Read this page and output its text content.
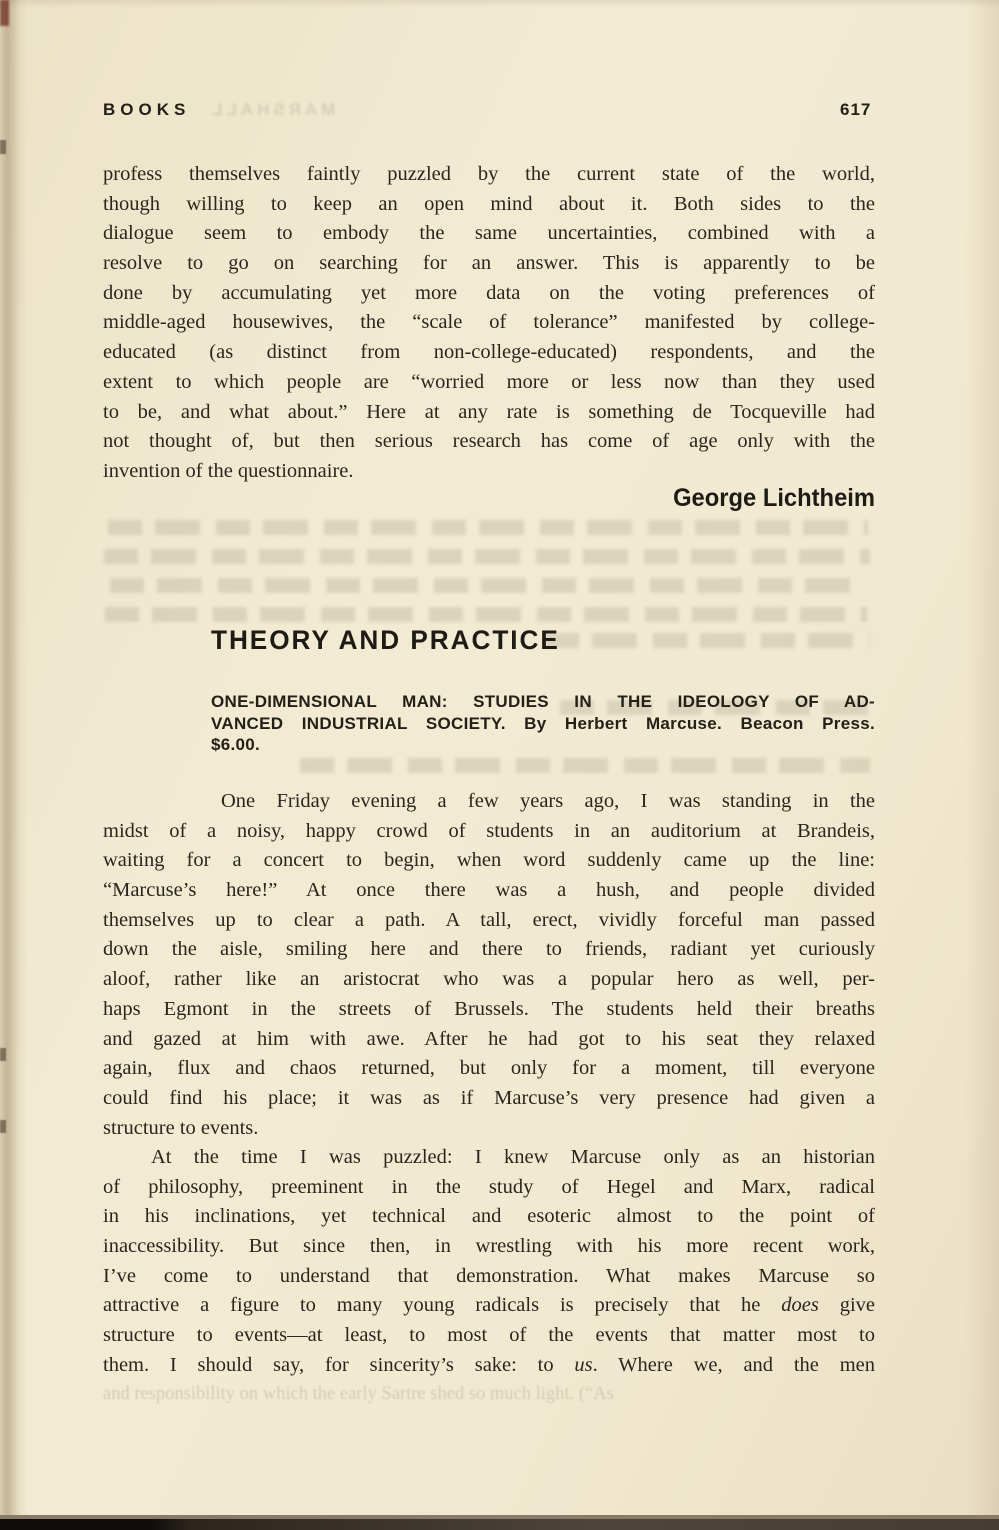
BOOKS MARSHALL	617
profess themselves faintly puzzled by the current state of the world,
though willing to keep an open mind about it. Both sides to the
dialogue seem to embody the same uncertainties, combined with a
resolve to go on searching for an answer. This is apparently to be
done by accumulating yet more data on the voting preferences of
middle-aged housewives, the “scale of tolerance” manifested by college-
educated (as distinct from non-college-educated) respondents, and the
extent to which people are “worried more or less now than they used
to be, and what about.” Here at any rate is something de Tocqueville had
not thought of, but then serious research has come of age only with the
invention of the questionnaire.
George Lichtheim
THEORY AND PRACTICE
ONE-DIMENSIONAL MAN: STUDIES IN THE IDEOLOGY OF AD-
VANCED INDUSTRIAL SOCIETY. By Herbert Marcuse. Beacon Press.
$6.00.
One Friday evening a few years ago, I was standing in the
midst of a noisy, happy crowd of students in an auditorium at Brandeis,
waiting for a concert to begin, when word suddenly came up the line:
“Marcuse’s here!” At once there was a hush, and people divided
themselves up to clear a path. A tall, erect, vividly forceful man passed
down the aisle, smiling here and there to friends, radiant yet curiously
aloof, rather like an aristocrat who was a popular hero as well, per-
haps Egmont in the streets of Brussels. The students held their breaths
and gazed at him with awe. After he had got to his seat they relaxed
again, flux and chaos returned, but only for a moment, till everyone
could find his place; it was as if Marcuse’s very presence had given a
structure to events.
At the time I was puzzled: I knew Marcuse only as an historian
of philosophy, preeminent in the study of Hegel and Marx, radical
in his inclinations, yet technical and esoteric almost to the point of
inaccessibility. But since then, in wrestling with his more recent work,
I’ve come to understand that demonstration. What makes Marcuse so
attractive a figure to many young radicals is precisely that he does give
structure to events—at least, to most of the events that matter most to
them. I should say, for sincerity’s sake: to us. Where we, and the men
and responsibility on which the early Sartre shed so much light. (“As
